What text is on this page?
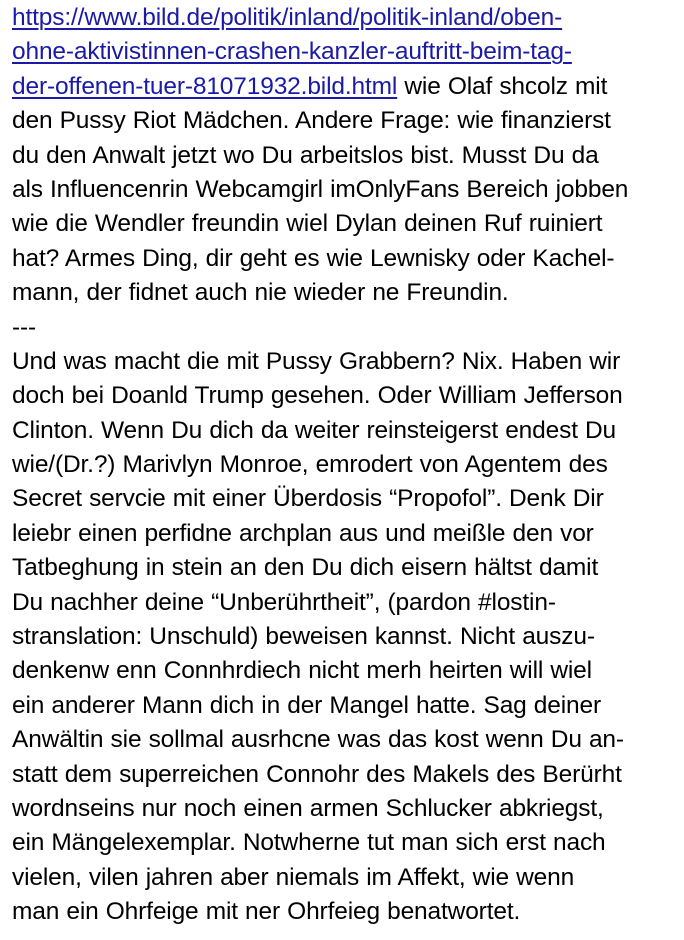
https://www.bild.de/politik/inland/politik-inland/oben-
ohne-aktivistinnen-crashen-kanzler-auftritt-beim-tag-
der-offenen-tuer-81071932.bild.html wie Olaf shcolz mit
den Pussy Riot Mädchen. Andere Frage: wie finanzierst
du den Anwalt jetzt wo Du arbeitslos bist. Musst Du da
als Influencenrin Webcamgirl imOnlyFans Bereich jobben
wie die Wendler freundin wiel Dylan deinen Ruf ruiniert
hat? Armes Ding, dir geht es wie Lewnisky oder Kachel-
mann, der fidnet auch nie wieder ne Freundin.
---
Und was macht die mit Pussy Grabbern? Nix. Haben wir
doch bei Doanld Trump gesehen. Oder William Jefferson
Clinton. Wenn Du dich da weiter reinsteigerst endest Du
wie/(Dr.?) Marivlyn Monroe, emrodert von Agentem des
Secret servcie mit einer Überdosis “Propofol”. Denk Dir
leiebr einen perfidne archplan aus und meißle den vor
Tatbeghung in stein an den Du dich eisern hältst damit
Du nachher deine “Unberührtheit”, (pardon #lostin-
stranslation: Unschuld) beweisen kannst. Nicht auszu-
denkenw enn Connhrdiech nicht merh heirten will wiel
ein anderer Mann dich in der Mangel hatte. Sag deiner
Anwältin sie sollmal ausrhcne was das kost wenn Du an-
statt dem superreichen Connohr des Makels des Berürht
wordnseins nur noch einen armen Schlucker abkriegst,
ein Mängelexemplar. Notwherne tut man sich erst nach
vielen, vilen jahren aber niemals im Affekt, wie wenn
man ein Ohrfeige mit ner Ohrfeieg benatwortet.
